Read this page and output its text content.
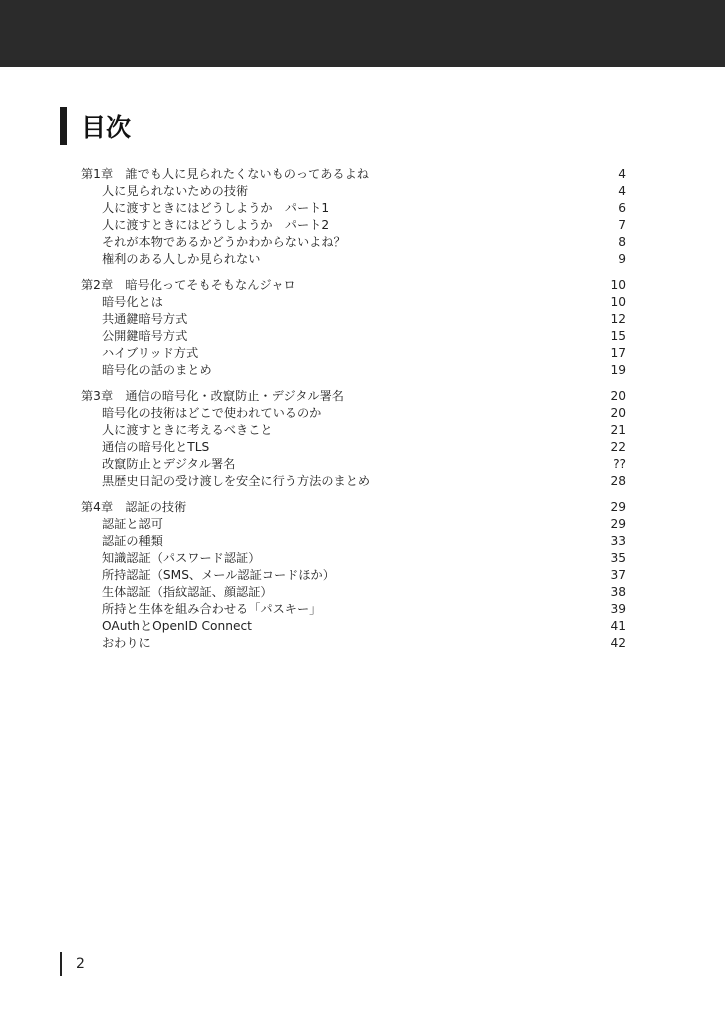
目次
第1章　誰でも人に見られたくないものってあるよね	4
人に見られないための技術	4
人に渡すときにはどうしようか　パート1	6
人に渡すときにはどうしようか　パート2	7
それが本物であるかどうかわからないよね？	8
権利のある人しか見られない	9
第2章　暗号化ってそもそもなんジャロ	10
暗号化とは	10
共通鍵暗号方式	12
公開鍵暗号方式	15
ハイブリッド方式	17
暗号化の話のまとめ	19
第3章　通信の暗号化・改竄防止・デジタル署名	20
暗号化の技術はどこで使われているのか	20
人に渡すときに考えるべきこと	21
通信の暗号化とTLS	22
改竄防止とデジタル署名	??
黒歴史日記の受け渡しを安全に行う方法のまとめ	28
第4章　認証の技術	29
認証と認可	29
認証の種類	33
知識認証（パスワード認証）	35
所持認証（SMS、メール認証コードほか）	37
生体認証（指紋認証、顔認証）	38
所持と生体を組み合わせる「パスキー」	39
OAuthとOpenID Connect	41
おわりに	42
2
